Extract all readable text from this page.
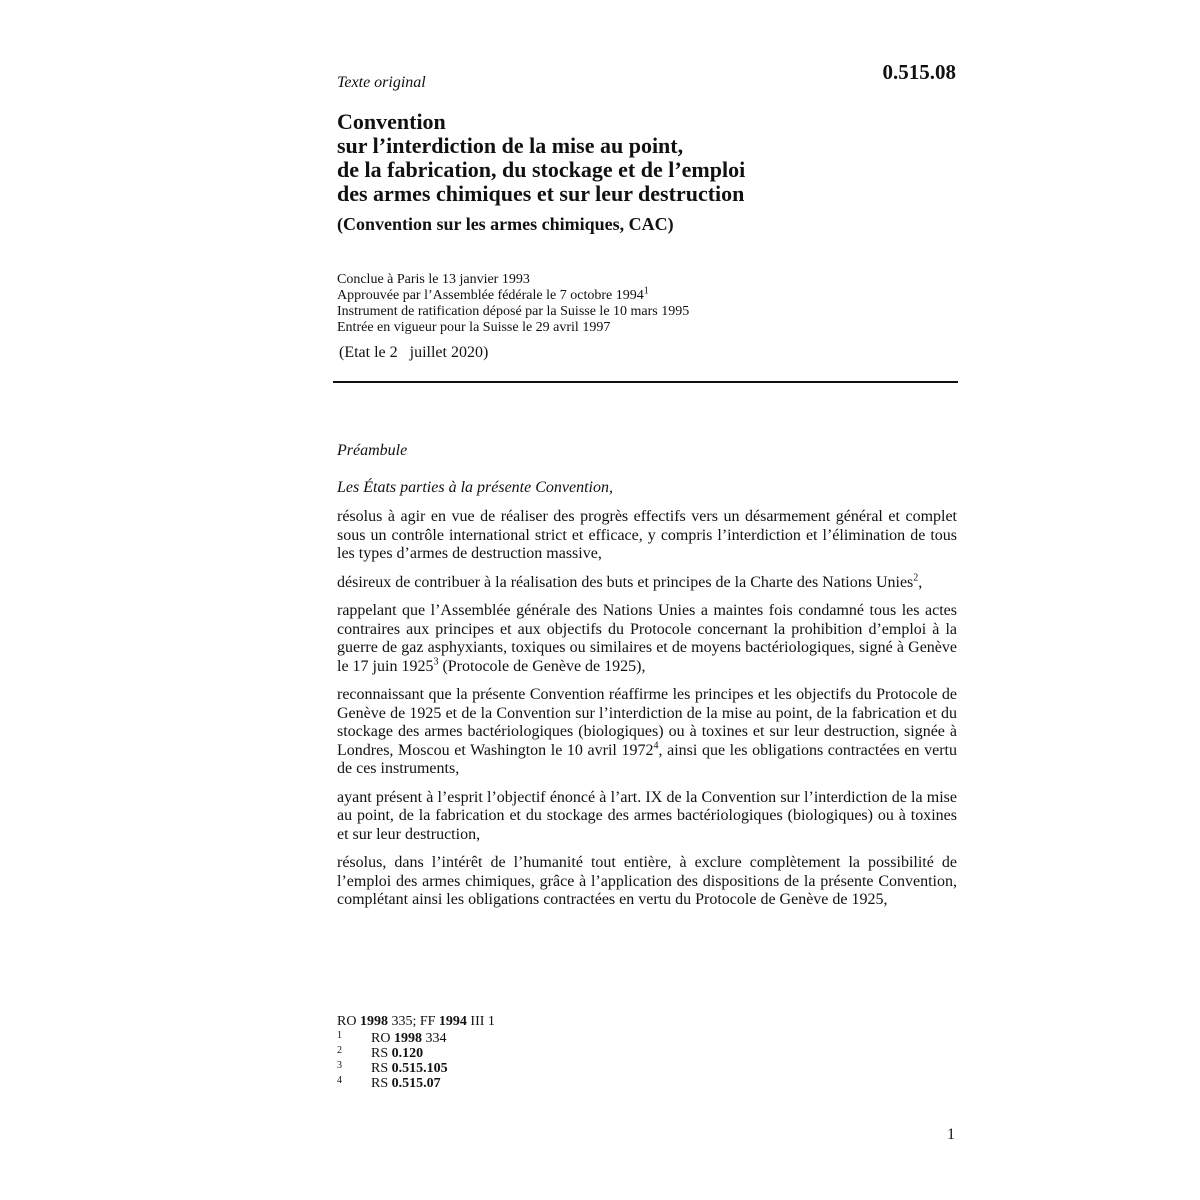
0.515.08
Texte original
Convention
sur l’interdiction de la mise au point,
de la fabrication, du stockage et de l’emploi
des armes chimiques et sur leur destruction
(Convention sur les armes chimiques, CAC)
Conclue à Paris le 13 janvier 1993
Approuvée par l’Assemblée fédérale le 7 octobre 1994$^1$
Instrument de ratification déposé par la Suisse le 10 mars 1995
Entrée en vigueur pour la Suisse le 29 avril 1997
(Etat le 2   juillet 2020)
Préambule
Les États parties à la présente Convention,

résolus à agir en vue de réaliser des progrès effectifs vers un désarmement général et complet sous un contrôle international strict et efficace, y compris l’interdiction et l’élimination de tous les types d’armes de destruction massive,

désireux de contribuer à la réalisation des buts et principes de la Charte des Nations Unies$^2$,

rappelant que l’Assemblée générale des Nations Unies a maintes fois condamné tous les actes contraires aux principes et aux objectifs du Protocole concernant la prohibition d’emploi à la guerre de gaz asphyxiants, toxiques ou similaires et de moyens bactériologiques, signé à Genève le 17 juin 1925$^3$ (Protocole de Genève de 1925),

reconnaissant que la présente Convention réaffirme les principes et les objectifs du Protocole de Genève de 1925 et de la Convention sur l’interdiction de la mise au point, de la fabrication et du stockage des armes bactériologiques (biologiques) ou à toxines et sur leur destruction, signée à Londres, Moscou et Washington le 10 avril 1972$^4$, ainsi que les obligations contractées en vertu de ces instruments,

ayant présent à l’esprit l’objectif énoncé à l’art. IX de la Convention sur l’interdiction de la mise au point, de la fabrication et du stockage des armes bactériologiques (biologiques) ou à toxines et sur leur destruction,

résolus, dans l’intérêt de l’humanité tout entière, à exclure complètement la possibilité de l’emploi des armes chimiques, grâce à l’application des dispositions de la présente Convention, complétant ainsi les obligations contractées en vertu du Protocole de Genève de 1925,

RO 1998 335; FF 1994 III 1
1	RO 1998 334
2	RS 0.120
3	RS 0.515.105
4	RS 0.515.07
1
